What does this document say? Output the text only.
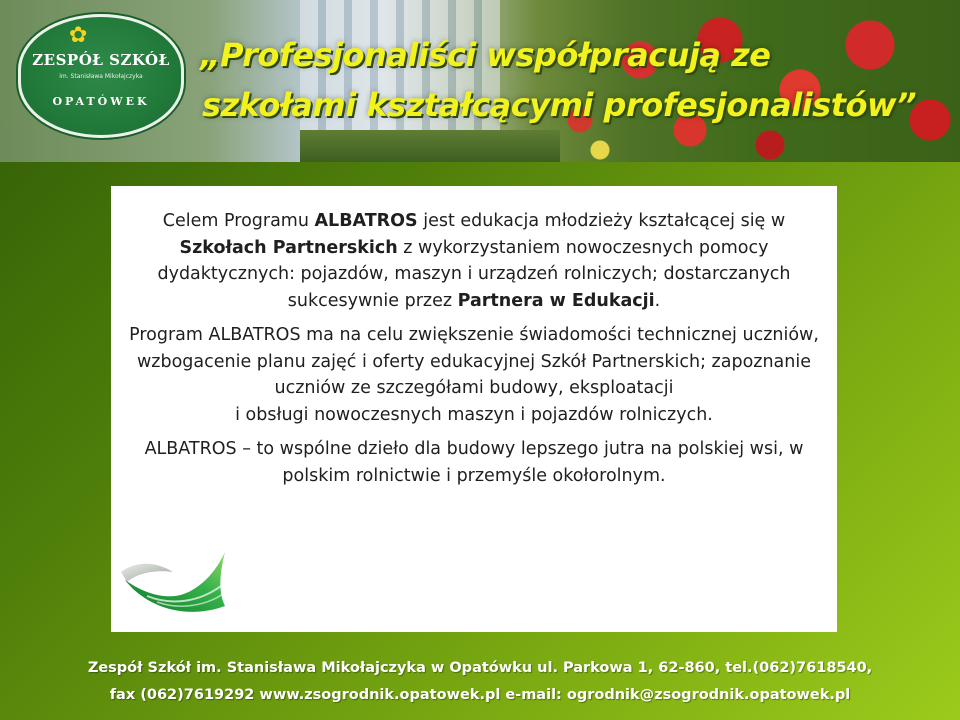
✿
ZESPÓŁ SZKÓŁ
im. Stanisława Mikołajczyka
OPATÓWEK
„Profesjonaliści współpracują ze
szkołami kształcącymi profesjonalistów”

Celem Programu ALBATROS jest edukacja młodzieży kształcącej się w Szkołach Partnerskich z wykorzystaniem nowoczesnych pomocy dydaktycznych: pojazdów, maszyn i urządzeń rolniczych; dostarczanych sukcesywnie przez Partnera w Edukacji.

Program ALBATROS ma na celu zwiększenie świadomości technicznej uczniów, wzbogacenie planu zajęć i oferty edukacyjnej Szkół Partnerskich; zapoznanie uczniów ze szczegółami budowy, eksploatacji
i obsługi nowoczesnych maszyn i pojazdów rolniczych.

ALBATROS – to wspólne dzieło dla budowy lepszego jutra na polskiej wsi, w polskim rolnictwie i przemyśle okołorolnym.

Zespół Szkół im. Stanisława Mikołajczyka w Opatówku ul. Parkowa 1, 62-860, tel.(062)7618540,
fax (062)7619292 www.zsogrodnik.opatowek.pl e-mail: ogrodnik@zsogrodnik.opatowek.pl
